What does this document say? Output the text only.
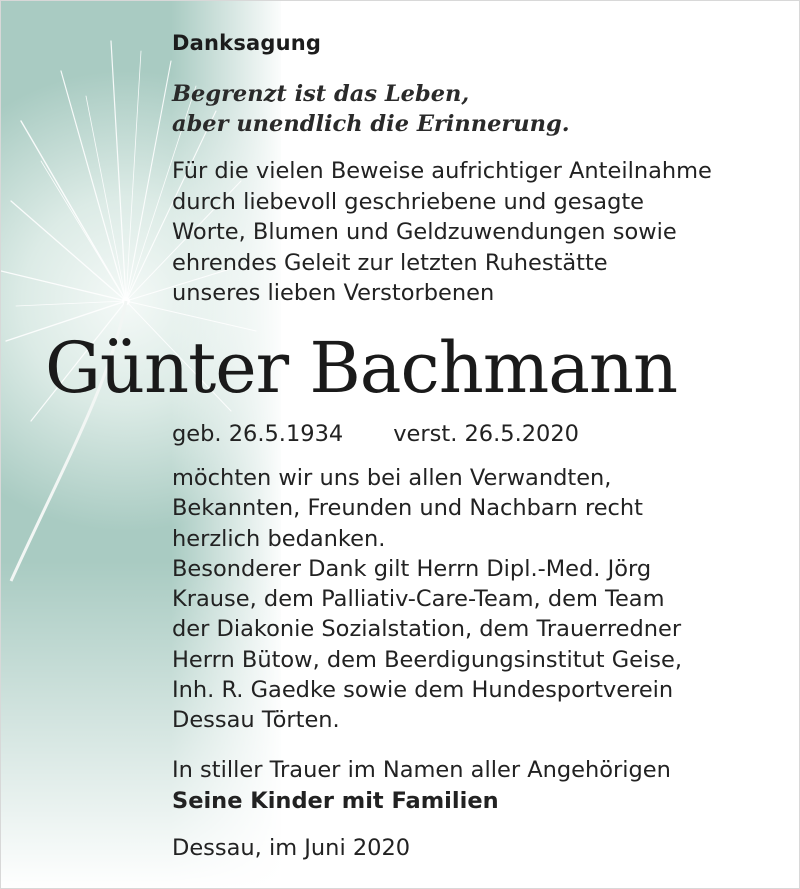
Danksagung
Begrenzt ist das Leben,
aber unendlich die Erinnerung.
Für die vielen Beweise aufrichtiger Anteilnahme
durch liebevoll geschriebene und gesagte
Worte, Blumen und Geldzuwendungen sowie
ehrendes Geleit zur letzten Ruhestätte
unseres lieben Verstorbenen
Günter Bachmann
geb. 26.5.1934 verst. 26.5.2020
möchten wir uns bei allen Verwandten,
Bekannten, Freunden und Nachbarn recht
herzlich bedanken.
Besonderer Dank gilt Herrn Dipl.-Med. Jörg
Krause, dem Palliativ-Care-Team, dem Team
der Diakonie Sozialstation, dem Trauerredner
Herrn Bütow, dem Beerdigungsinstitut Geise,
Inh. R. Gaedke sowie dem Hundesportverein
Dessau Törten.
In stiller Trauer im Namen aller Angehörigen
Seine Kinder mit Familien
Dessau, im Juni 2020
